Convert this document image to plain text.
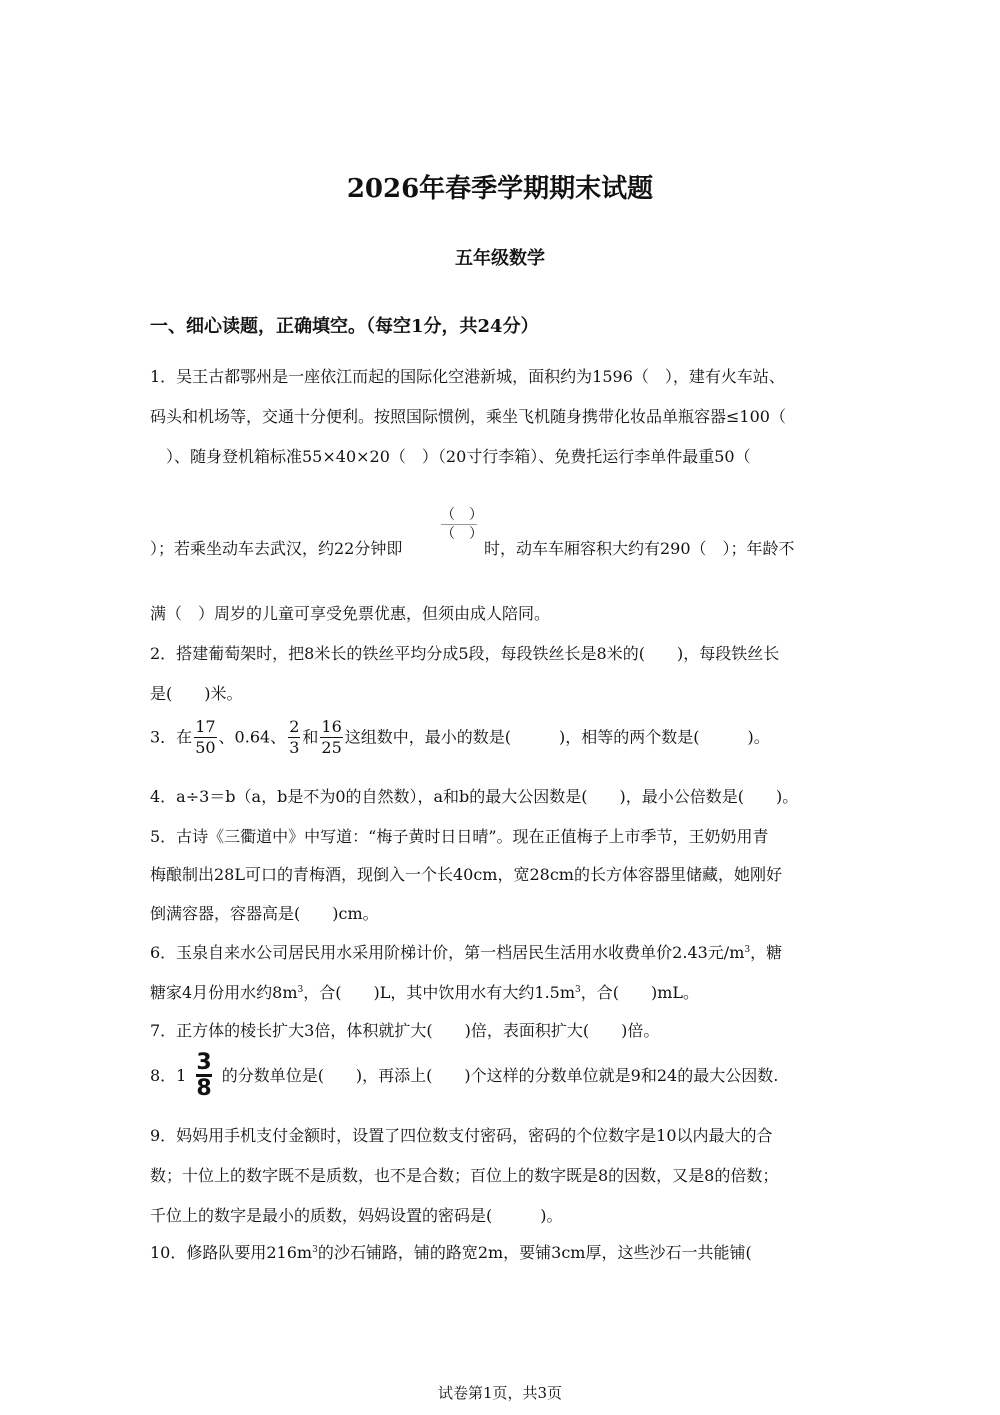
2026年春季学期期末试题
五年级数学
一、细心读题，正确填空。（每空1分，共24分）
1．吴王古都鄂州是一座依江而起的国际化空港新城，面积约为1596（　），建有火车站、
码头和机场等，交通十分便利。按照国际惯例，乘坐飞机随身携带化妆品单瓶容器≤100（
　）、随身登机箱标准55×40×20（　）（20寸行李箱）、免费托运行李单件最重50（
（　）
（　）
）；若乘坐动车去武汉，约22分钟即	时，动车车厢容积大约有290（　）；年龄不
满（　）周岁的儿童可享受免票优惠，但须由成人陪同。
2．搭建葡萄架时，把8米长的铁丝平均分成5段，每段铁丝长是8米的(　　)，每段铁丝长
是(　　)米。
3．在 $\frac{17}{50}$ 、0.64、 $\frac{2}{3}$ 和 $\frac{16}{25}$ 这组数中，最小的数是(　　　)，相等的两个数是(　　　)。
4．a÷3＝b（a，b是不为0的自然数），a和b的最大公因数是(　　)，最小公倍数是(　　)。
5．古诗《三衢道中》中写道：“梅子黄时日日晴”。现在正值梅子上市季节，王奶奶用青
梅酿制出28L可口的青梅酒，现倒入一个长40cm，宽28cm的长方体容器里储藏，她刚好
倒满容器，容器高是(　　)cm。
6．玉泉自来水公司居民用水采用阶梯计价，第一档居民生活用水收费单价2.43元$/m^3$，糖
糖家4月份用水约$8m^3$，合(　　)L，其中饮用水有大约$1.5m^3$，合(　　)mL。
7．正方体的棱长扩大3倍，体积就扩大(　　)倍，表面积扩大(　　)倍。
8．$1 \frac{3}{8}$ 的分数单位是(　　)，再添上(　　)个这样的分数单位就是9和24的最大公因数.
9．妈妈用手机支付金额时，设置了四位数支付密码，密码的个位数字是10以内最大的合
数；十位上的数字既不是质数，也不是合数；百位上的数字既是8的因数，又是8的倍数；
千位上的数字是最小的质数，妈妈设置的密码是(　　　)。
10．修路队要用$216m^3$的沙石铺路，铺的路宽2m，要铺3cm厚，这些沙石一共能铺(
试卷第1页，共3页
